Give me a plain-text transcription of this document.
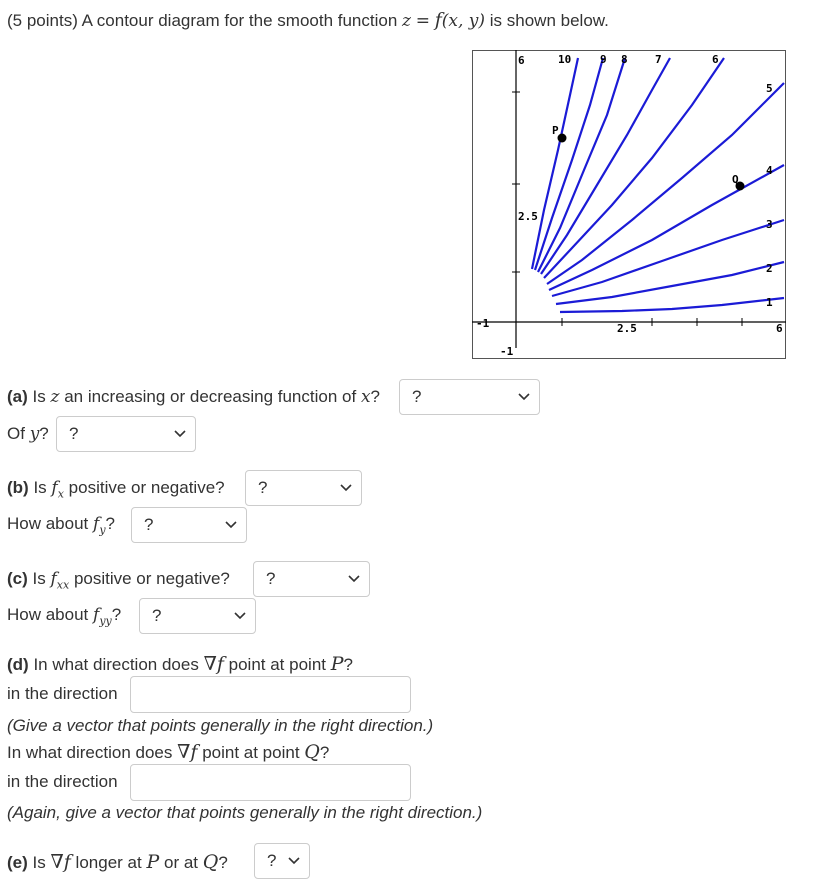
(5 points) A contour diagram for the smooth function z = f(x, y) is shown below.
1
2
3
4
5
6
7
8
9
10
-1	2.5	6
-1
2.5
6
P
Q
(a) Is z an increasing or decreasing function of x? ?
Of y? ?
(b) Is $f_x$ positive or negative? ?
How about $f_y$? ?
(c) Is $f_{xx}$ positive or negative? ?
How about $f_{yy}$? ?
(d) In what direction does ∇f point at point P?
in the direction
(Give a vector that points generally in the right direction.)
In what direction does ∇f point at point Q?
in the direction
(Again, give a vector that points generally in the right direction.)
(e) Is ∇f longer at P or at Q? ?
